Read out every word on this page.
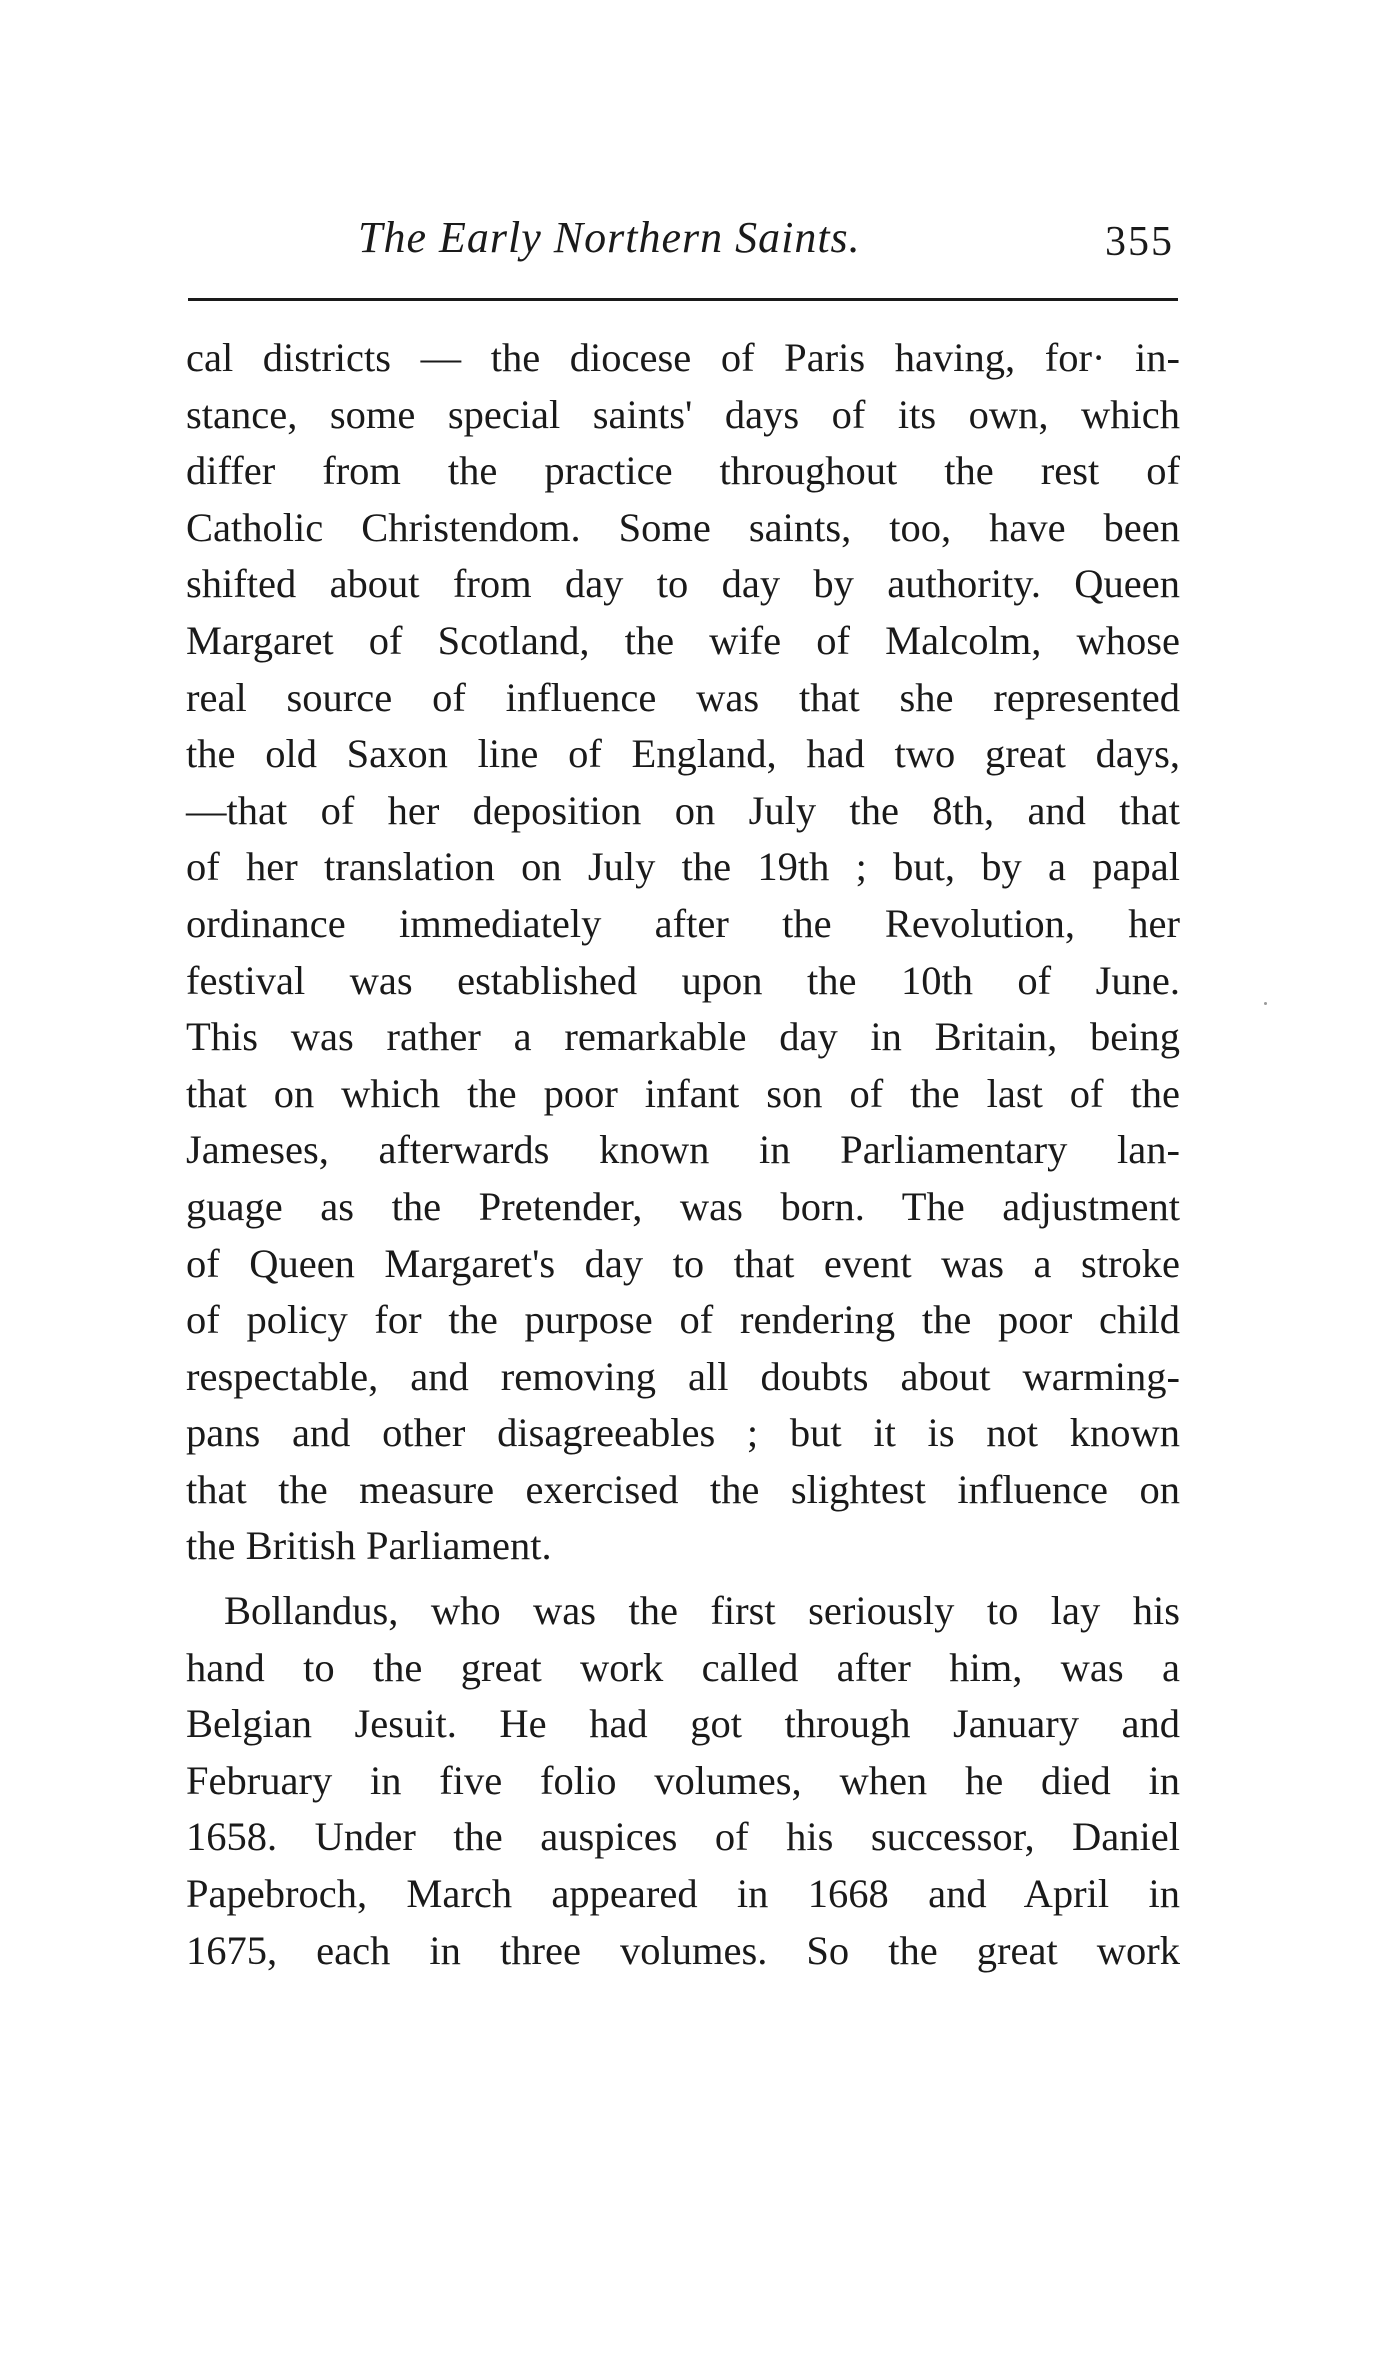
The Early Northern Saints.	355
cal districts — the diocese of Paris having, for· in-
stance, some special saints' days of its own, which
differ from the practice throughout the rest of
Catholic Christendom. Some saints, too, have been
shifted about from day to day by authority. Queen
Margaret of Scotland, the wife of Malcolm, whose
real source of influence was that she represented
the old Saxon line of England, had two great days,
—that of her deposition on July the 8th, and that
of her translation on July the 19th ; but, by a papal
ordinance immediately after the Revolution, her
festival was established upon the 10th of June.
This was rather a remarkable day in Britain, being
that on which the poor infant son of the last of the
Jameses, afterwards known in Parliamentary lan-
guage as the Pretender, was born. The adjustment
of Queen Margaret's day to that event was a stroke
of policy for the purpose of rendering the poor child
respectable, and removing all doubts about warming-
pans and other disagreeables ; but it is not known
that the measure exercised the slightest influence on
the British Parliament.
Bollandus, who was the first seriously to lay his
hand to the great work called after him, was a
Belgian Jesuit. He had got through January and
February in five folio volumes, when he died in
1658. Under the auspices of his successor, Daniel
Papebroch, March appeared in 1668 and April in
1675, each in three volumes. So the great work
